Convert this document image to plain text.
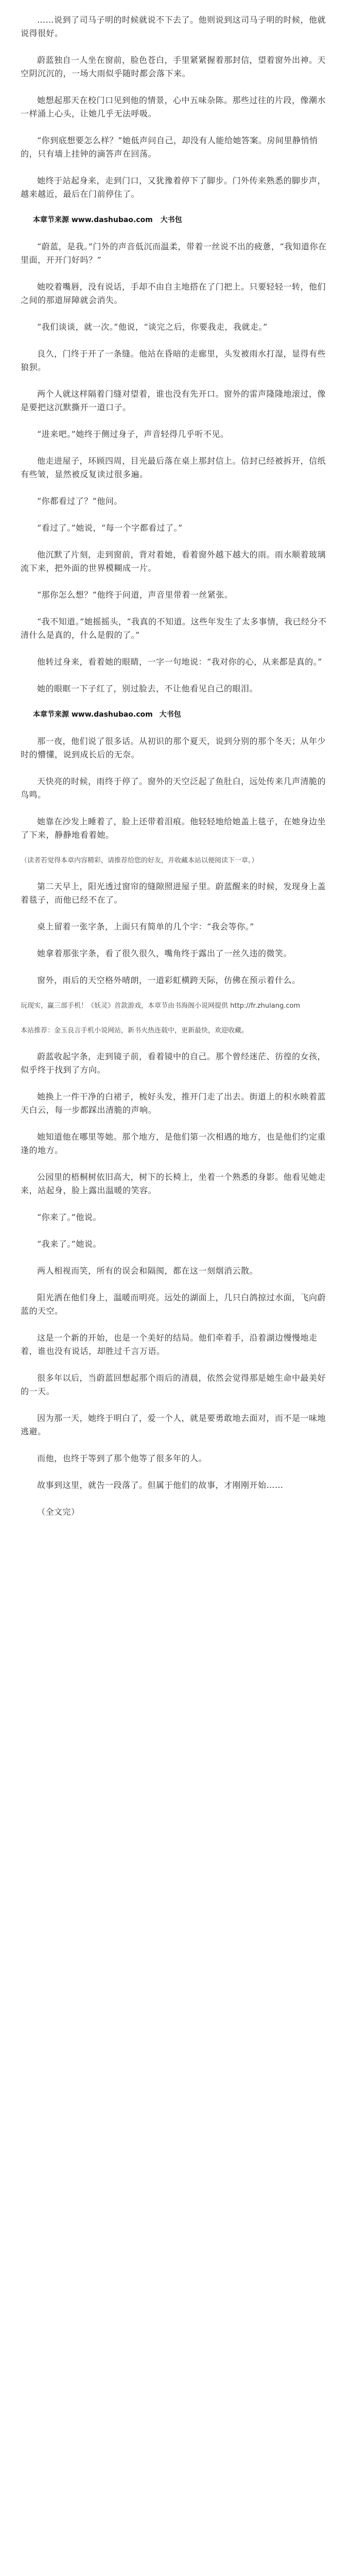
……说到了司马子明的时候就说不下去了。他则说到这司马子明的时候，他就说得很好。

蔚蓝独自一人坐在窗前，脸色苍白，手里紧紧握着那封信，望着窗外出神。天空阴沉沉的，一场大雨似乎随时都会落下来。

她想起那天在校门口见到他的情景，心中五味杂陈。那些过往的片段，像潮水一样涌上心头，让她几乎无法呼吸。

“你到底想要怎么样？”她低声问自己，却没有人能给她答案。房间里静悄悄的，只有墙上挂钟的滴答声在回荡。

她终于站起身来，走到门口，又犹豫着停下了脚步。门外传来熟悉的脚步声，越来越近，最后在门前停住了。

本章节来源 www.dashubao.com 大书包

“蔚蓝，是我。”门外的声音低沉而温柔，带着一丝说不出的疲惫，“我知道你在里面，开开门好吗？”

她咬着嘴唇，没有说话，手却不由自主地搭在了门把上。只要轻轻一转，他们之间的那道屏障就会消失。

“我们谈谈，就一次。”他说，“谈完之后，你要我走，我就走。”

良久，门终于开了一条缝。他站在昏暗的走廊里，头发被雨水打湿，显得有些狼狈。

两个人就这样隔着门缝对望着，谁也没有先开口。窗外的雷声隆隆地滚过，像是要把这沉默撕开一道口子。

“进来吧。”她终于侧过身子，声音轻得几乎听不见。

他走进屋子，环顾四周，目光最后落在桌上那封信上。信封已经被拆开，信纸有些皱，显然被反复读过很多遍。

“你都看过了？”他问。

“看过了。”她说，“每一个字都看过了。”

他沉默了片刻，走到窗前，背对着她，看着窗外越下越大的雨。雨水顺着玻璃流下来，把外面的世界模糊成一片。

“那你怎么想？”他终于问道，声音里带着一丝紧张。

“我不知道。”她摇摇头，“我真的不知道。这些年发生了太多事情，我已经分不清什么是真的，什么是假的了。”

他转过身来，看着她的眼睛，一字一句地说：“我对你的心，从来都是真的。”

她的眼眶一下子红了，别过脸去，不让他看见自己的眼泪。

本章节来源 www.dashubao.com 大书包

那一夜，他们说了很多话。从初识的那个夏天，说到分别的那个冬天；从年少时的懵懂，说到成长后的无奈。

天快亮的时候，雨终于停了。窗外的天空泛起了鱼肚白，远处传来几声清脆的鸟鸣。

她靠在沙发上睡着了，脸上还带着泪痕。他轻轻地给她盖上毯子，在她身边坐了下来，静静地看着她。

（读者若觉得本章内容精彩，请推荐给您的好友，并收藏本站以便阅读下一章。）

第二天早上，阳光透过窗帘的缝隙照进屋子里。蔚蓝醒来的时候，发现身上盖着毯子，而他已经不在了。

桌上留着一张字条，上面只有简单的几个字：“我会等你。”

她拿着那张字条，看了很久很久，嘴角终于露出了一丝久违的微笑。

窗外，雨后的天空格外晴朗，一道彩虹横跨天际，仿佛在预示着什么。

玩现实，赢三部手机！《妖灵》首款游戏，本章节由书海阁小说网提供 http://fr.zhulang.com

本站推荐：金玉良言手机小说网站，新书火热连载中，更新最快，欢迎收藏。

蔚蓝收起字条，走到镜子前，看着镜中的自己。那个曾经迷茫、彷徨的女孩，似乎终于找到了方向。

她换上一件干净的白裙子，梳好头发，推开门走了出去。街道上的积水映着蓝天白云，每一步都踩出清脆的声响。

她知道他在哪里等她。那个地方，是他们第一次相遇的地方，也是他们约定重逢的地方。

公园里的梧桐树依旧高大，树下的长椅上，坐着一个熟悉的身影。他看见她走来，站起身，脸上露出温暖的笑容。

“你来了。”他说。

“我来了。”她说。

两人相视而笑，所有的误会和隔阂，都在这一刻烟消云散。

阳光洒在他们身上，温暖而明亮。远处的湖面上，几只白鸽掠过水面，飞向蔚蓝的天空。

这是一个新的开始，也是一个美好的结局。他们牵着手，沿着湖边慢慢地走着，谁也没有说话，却胜过千言万语。

很多年以后，当蔚蓝回想起那个雨后的清晨，依然会觉得那是她生命中最美好的一天。

因为那一天，她终于明白了，爱一个人，就是要勇敢地去面对，而不是一味地逃避。

而他，也终于等到了那个他等了很多年的人。

故事到这里，就告一段落了。但属于他们的故事，才刚刚开始……

（全文完）
